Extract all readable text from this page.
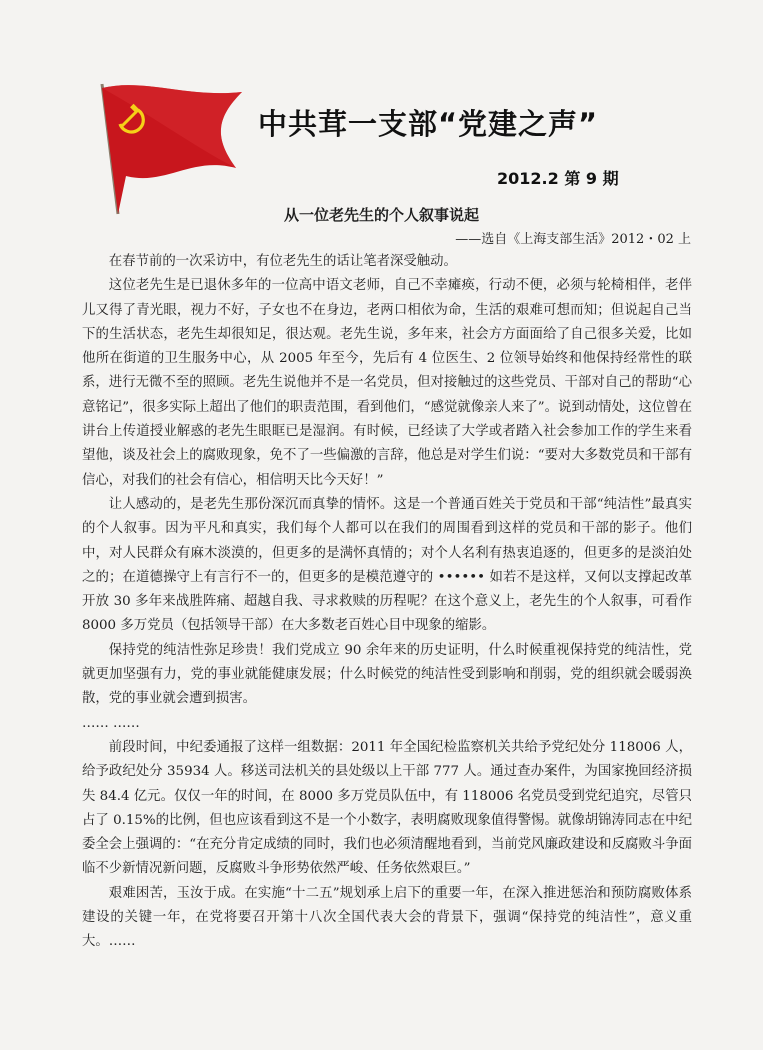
中共茸一支部“党建之声”
2012.2 第 9 期
从一位老先生的个人叙事说起
——选自《上海支部生活》2012・02 上

在春节前的一次采访中，有位老先生的话让笔者深受触动。

这位老先生是已退休多年的一位高中语文老师，自己不幸瘫痪，行动不便，必须与轮椅相伴，老伴儿又得了青光眼，视力不好，子女也不在身边，老两口相依为命，生活的艰难可想而知；但说起自己当下的生活状态，老先生却很知足，很达观。老先生说，多年来，社会方方面面给了自己很多关爱，比如他所在街道的卫生服务中心，从 2005 年至今，先后有 4 位医生、2 位领导始终和他保持经常性的联系，进行无微不至的照顾。老先生说他并不是一名党员，但对接触过的这些党员、干部对自己的帮助“心意铭记”，很多实际上超出了他们的职责范围，看到他们，“感觉就像亲人来了”。说到动情处，这位曾在讲台上传道授业解惑的老先生眼眶已是湿润。有时候，已经读了大学或者踏入社会参加工作的学生来看望他，谈及社会上的腐败现象，免不了一些偏激的言辞，他总是对学生们说：“要对大多数党员和干部有信心，对我们的社会有信心，相信明天比今天好！”

让人感动的，是老先生那份深沉而真挚的情怀。这是一个普通百姓关于党员和干部“纯洁性”最真实的个人叙事。因为平凡和真实，我们每个人都可以在我们的周围看到这样的党员和干部的影子。他们中，对人民群众有麻木淡漠的，但更多的是满怀真情的；对个人名利有热衷追逐的，但更多的是淡泊处之的；在道德操守上有言行不一的，但更多的是模范遵守的 •••••• 如若不是这样，又何以支撑起改革开放 30 多年来战胜阵痛、超越自我、寻求救赎的历程呢？在这个意义上，老先生的个人叙事，可看作 8000 多万党员（包括领导干部）在大多数老百姓心目中现象的缩影。

保持党的纯洁性弥足珍贵！我们党成立 90 余年来的历史证明，什么时候重视保持党的纯洁性，党就更加坚强有力，党的事业就能健康发展；什么时候党的纯洁性受到影响和削弱，党的组织就会暖弱涣散，党的事业就会遭到损害。

…… ……

前段时间，中纪委通报了这样一组数据：2011 年全国纪检监察机关共给予党纪处分 118006 人，给予政纪处分 35934 人。移送司法机关的县处级以上干部 777 人。通过查办案件，为国家挽回经济损失 84.4 亿元。仅仅一年的时间，在 8000 多万党员队伍中，有 118006 名党员受到党纪追究，尽管只占了 0.15%的比例，但也应该看到这不是一个小数字，表明腐败现象值得警惕。就像胡锦涛同志在中纪委全会上强调的：“在充分肯定成绩的同时，我们也必须清醒地看到，当前党风廉政建设和反腐败斗争面临不少新情况新问题，反腐败斗争形势依然严峻、任务依然艰巨。”

艰难困苦，玉汝于成。在实施“十二五”规划承上启下的重要一年，在深入推进惩治和预防腐败体系建设的关键一年，在党将要召开第十八次全国代表大会的背景下，强调“保持党的纯洁性”，意义重大。……
